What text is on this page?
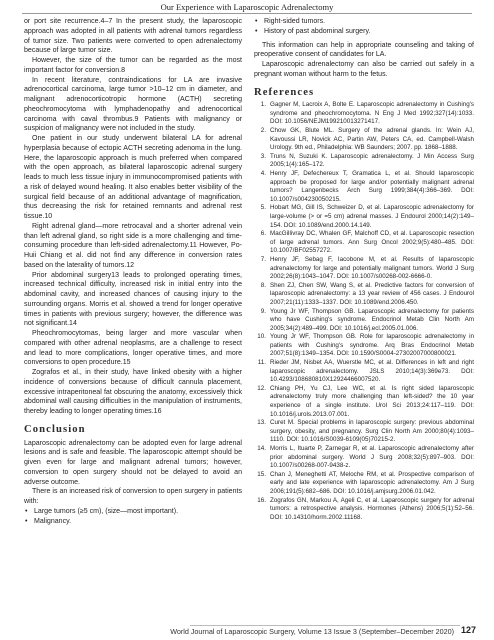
Our Experience with Laparoscopic Adrenalectomy

or port site recurrence.4–7 In the present study, the laparoscopic approach was adopted in all patients with adrenal tumors regardless of tumor size. Two patients were converted to open adrenalectomy because of large tumor size.

However, the size of the tumor can be regarded as the most important factor for conversion.8

In recent literature, contraindications for LA are invasive adrenocortical carcinoma, large tumor >10–12 cm in diameter, and malignant adrenocorticotropic hormone (ACTH) secreting pheochromocytoma with lymphadenopathy and adrenocortical carcinoma with caval thrombus.9 Patients with malignancy or suspicion of malignancy were not included in the study.

One patient in our study underwent bilateral LA for adrenal hyperplasia because of ectopic ACTH secreting adenoma in the lung. Here, the laparoscopic approach is much preferred when compared with the open approach, as bilateral laparoscopic adrenal surgery leads to much less tissue injury in immunocompromised patients with a risk of delayed wound healing. It also enables better visibility of the surgical field because of an additional advantage of magnification, thus decreasing the risk for retained remnants and adrenal rest tissue.10

Right adrenal gland—more retrocaval and a shorter adrenal vein than left adrenal gland, so right side is a more challenging and time-consuming procedure than left-sided adrenalectomy.11 However, Po-Huii Chiang et al. did not find any difference in conversion rates based on the laterality of tumors.12

Prior abdominal surgery13 leads to prolonged operating times, increased technical difficulty, increased risk in initial entry into the abdominal cavity, and increased chances of causing injury to the surrounding organs. Morris et al. showed a trend for longer operative times in patients with previous surgery; however, the difference was not significant.14

Pheochromocytomas, being larger and more vascular when compared with other adrenal neoplasms, are a challenge to resect and lead to more complications, longer operative times, and more conversions to open procedure.15

Zografos et al., in their study, have linked obesity with a higher incidence of conversions because of difficult cannula placement, excessive intraperitoneal fat obscuring the anatomy, excessively thick abdominal wall causing difficulties in the manipulation of instruments, thereby leading to longer operating times.16

Conclusion

Laparoscopic adrenalectomy can be adopted even for large adrenal lesions and is safe and feasible. The laparoscopic attempt should be given even for large and malignant adrenal tumors; however, conversion to open surgery should not be delayed to avoid an adverse outcome.

There is an increased risk of conversion to open surgery in patients with:

• Large tumors (≥5 cm), (size—most important).
• Malignancy.
• Right-sided tumors.
• History of past abdominal surgery.

This information can help in appropriate counseling and taking of preoperative consent of candidates for LA.

Laparoscopic adrenalectomy can also be carried out safely in a pregnant woman without harm to the fetus.

References
1. Gagner M, Lacroix A, Bolte E. Laparoscopic adrenalectomy in Cushing's syndrome and pheochromocytoma. N Eng J Med 1992;327(14):1033. DOI: 10.1056/NEJM199210013271417.
2. Chow GK, Blute ML. Surgery of the adrenal glands. In: Wein AJ, Kavoussi LR, Novick AC, Partin AW, Peters CA, ed. Campbell-Walsh Urology. 9th ed., Philadelphia: WB Saunders; 2007. pp. 1868–1888.
3. Truns N, Suzuki K. Laparoscopic adrenalectomy. J Min Access Surg 2005;1(4):165–172.
4. Henry JF, Defechereux T, Gramatica L, et al. Should laparoscopic approach be proposed for large and/or potentially malignant adrenal tumors? Langenbecks Arch Surg 1999;384(4):366–369. DOI: 10.1007/s004230050215.
5. Hobart MG, Gill IS, Schweizer D, et al. Laparoscopic adrenalectomy for large-volume (> or =5 cm) adrenal masses. J Endourol 2000;14(2):149–154. DOI: 10.1089/end.2000.14.149.
6. MacGillivray DC, Whalen GF, Malchoff CD, et al. Laparoscopic resection of large adrenal tumors. Ann Surg Oncol 2002;9(5):480–485. DOI: 10.1007/BF02557272.
7. Henry JF, Sebag F, Iacobone M, et al. Results of laparoscopic adrenalectomy for large and potentially malignant tumors. World J Surg 2002;26(8):1043–1047. DOI: 10.1007/s00268-002-6666-0.
8. Shen ZJ, Chen SW, Wang S, et al. Predictive factors for conversion of laparoscopic adrenalectomy: a 13 year review of 456 cases. J Endourol 2007;21(11):1333–1337. DOI: 10.1089/end.2006.450.
9. Young Jr WF, Thompson GB. Laparoscopic adrenalectomy for patients who have Cushing's syndrome. Endocrinol Metab Clin North Am 2005;34(2):489–499. DOI: 10.1016/j.ecl.2005.01.006.
10. Young Jr WF, Thompson GB. Role for laparoscopic adrenalectomy in patients with Cushing's syndrome. Arq Bras Endocrinol Metab 2007;51(8):1349–1354. DOI: 10.1590/S0004-27302007000800021.
11. Rieder JM, Nisbet AA, Wuerstle MC, et al. Differences in left and right laparoscopic adrenalectomy. JSLS 2010;14(3):369e73. DOI: 10.4293/108680810X12924466007520.
12. Chiang PH, Yu CJ, Lee WC, et al. Is right sided laparoscopic adrenalectomy truly more challenging than left-sided? the 10 year experience of a single institute. Urol Sci 2013;24:117–119. DOI: 10.1016/j.urols.2013.07.001.
13. Curet M. Special problems in laparoscopic surgery: previous abdominal surgery, obesity, and pregnancy. Surg Clin North Am 2000;80(4):1093–1110. DOI: 10.1016/S0039-6109(05)70215-2.
14. Morris L, Ituarte P, Zarnegar R, et al. Laparoscopic adrenalectomy after prior abdominal surgery. World J Surg 2008;32(5):897–903. DOI: 10.1007/s00268-007-9438-z.
15. Chan J, Meneghetti AT, Meloche RM, et al. Prospective comparison of early and late experience with laparoscopic adrenalectomy. Am J Surg 2006;191(5):682–686. DOI: 10.1016/j.amjsurg.2006.01.042.
16. Zografos GN, Markou A, Ageli C, et al. Laparoscopic surgery for adrenal tumors: a retrospective analysis. Hormones (Athens) 2006;5(1):52–56. DOI: 10.14310/horm.2002.11168.
World Journal of Laparoscopic Surgery, Volume 13 Issue 3 (September–December 2020) 127
